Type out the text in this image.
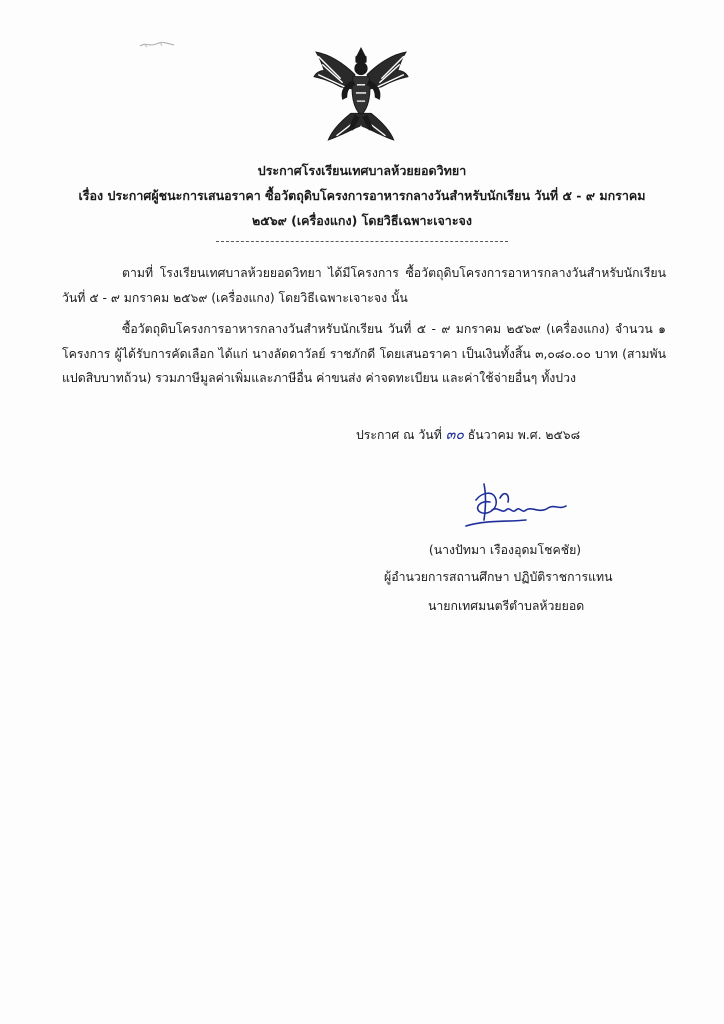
ประกาศโรงเรียนเทศบาลห้วยยอดวิทยา
เรื่อง ประกาศผู้ชนะการเสนอราคา ซื้อวัตถุดิบโครงการอาหารกลางวันสำหรับนักเรียน วันที่ ๕ - ๙ มกราคม
๒๕๖๙ (เครื่องแกง) โดยวิธีเฉพาะเจาะจง
ตามที่ โรงเรียนเทศบาลห้วยยอดวิทยา ได้มีโครงการ ซื้อวัตถุดิบโครงการอาหารกลางวันสำหรับนักเรียน วันที่ ๕ - ๙ มกราคม ๒๕๖๙ (เครื่องแกง) โดยวิธีเฉพาะเจาะจง นั้น
ซื้อวัตถุดิบโครงการอาหารกลางวันสำหรับนักเรียน วันที่ ๕ - ๙ มกราคม ๒๕๖๙ (เครื่องแกง) จำนวน ๑ โครงการ ผู้ได้รับการคัดเลือก ได้แก่ นางลัดดาวัลย์ ราชภักดี โดยเสนอราคา เป็นเงินทั้งสิ้น ๓,๐๘๐.๐๐ บาท (สามพันแปดสิบบาทถ้วน) รวมภาษีมูลค่าเพิ่มและภาษีอื่น ค่าขนส่ง ค่าจดทะเบียน และค่าใช้จ่ายอื่นๆ ทั้งปวง
ประกาศ ณ วันที่ ๓๐ ธันวาคม พ.ศ. ๒๕๖๘
(นางปัทมา เรืองอุดมโชคชัย)
ผู้อำนวยการสถานศึกษา ปฏิบัติราชการแทน
นายกเทศมนตรีตำบลห้วยยอด
